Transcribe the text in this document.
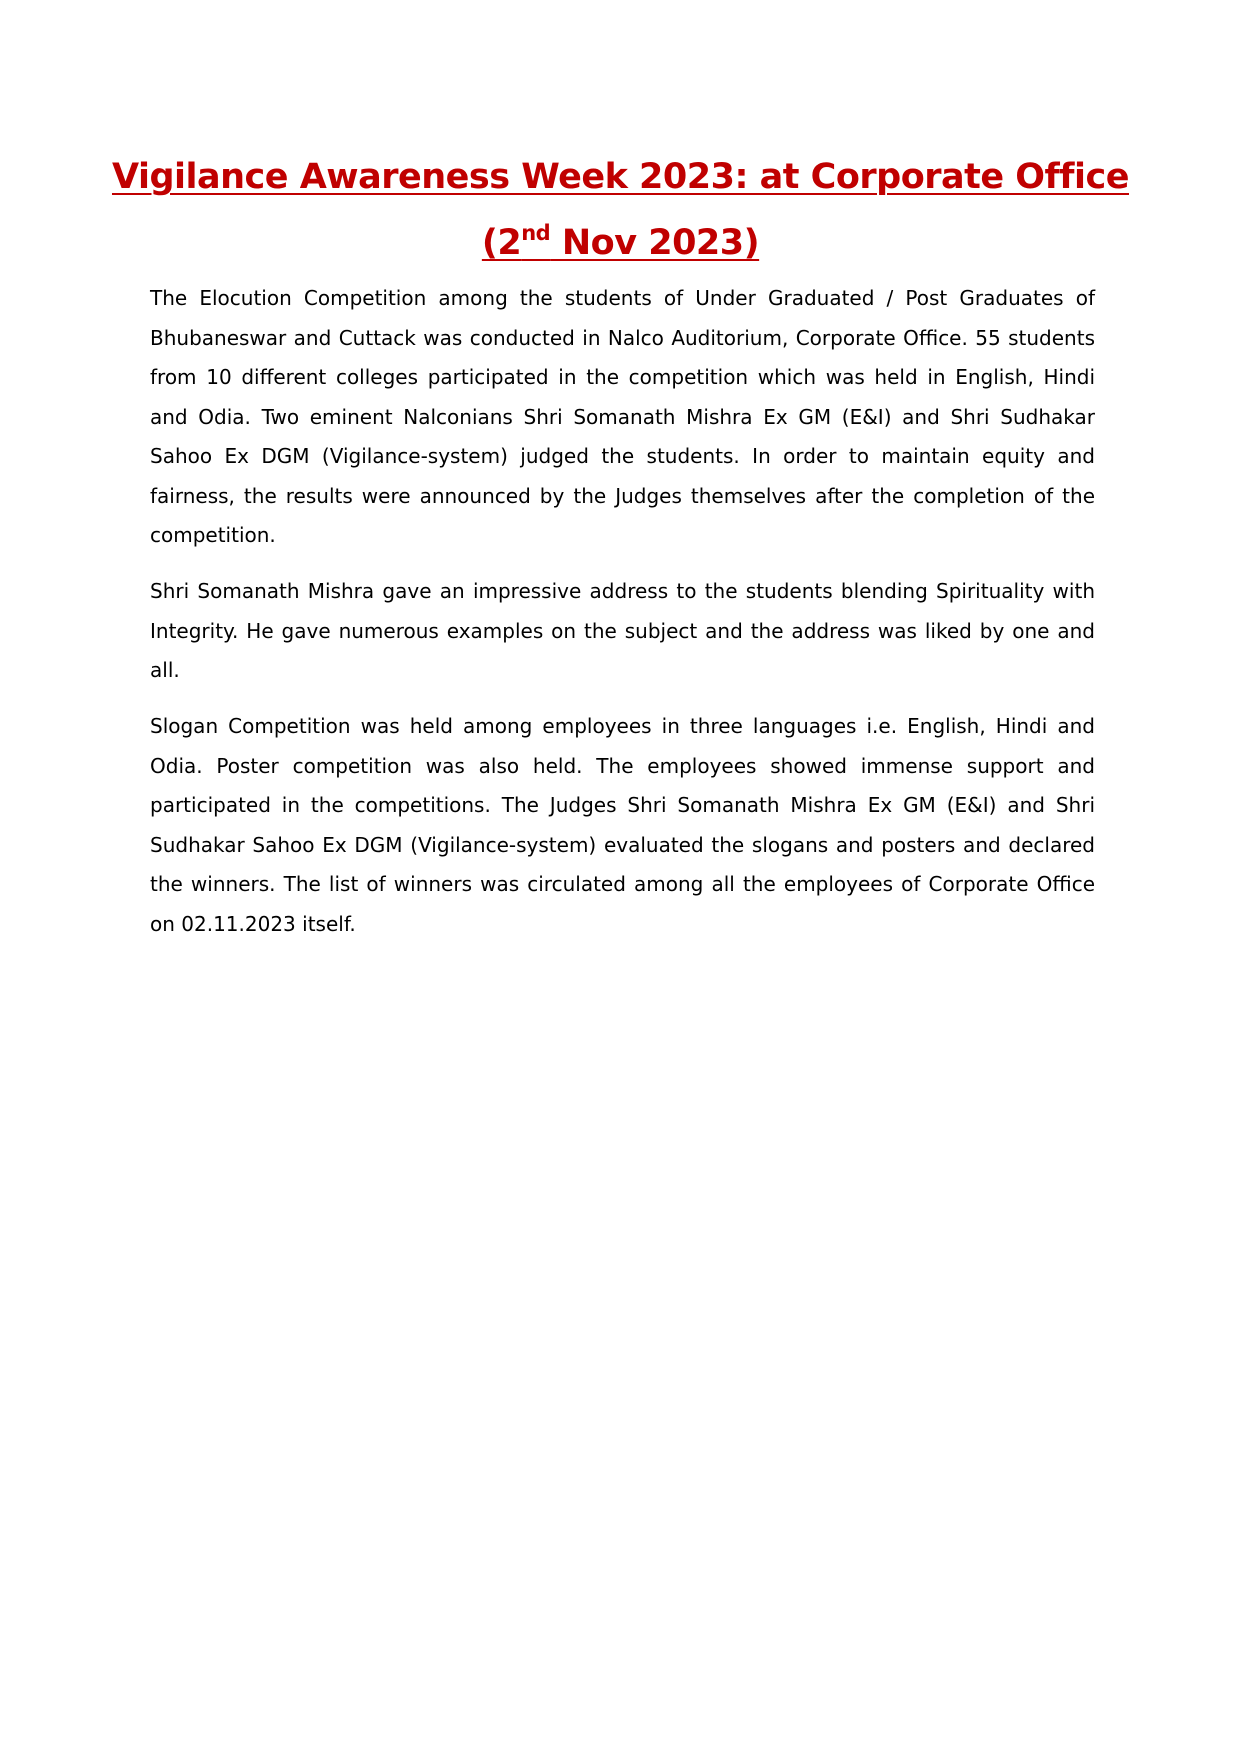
Vigilance Awareness Week 2023: at Corporate Office
(2nd Nov 2023)

The Elocution Competition among the students of Under Graduated / Post Graduates of Bhubaneswar and Cuttack was conducted in Nalco Auditorium, Corporate Office. 55 students from 10 different colleges participated in the competition which was held in English, Hindi and Odia. Two eminent Nalconians Shri Somanath Mishra Ex GM (E&I) and Shri Sudhakar Sahoo Ex DGM (Vigilance-system) judged the students. In order to maintain equity and fairness, the results were announced by the Judges themselves after the completion of the competition.

Shri Somanath Mishra gave an impressive address to the students blending Spirituality with Integrity. He gave numerous examples on the subject and the address was liked by one and all.

Slogan Competition was held among employees in three languages i.e. English, Hindi and Odia. Poster competition was also held. The employees showed immense support and participated in the competitions. The Judges Shri Somanath Mishra Ex GM (E&I) and Shri Sudhakar Sahoo Ex DGM (Vigilance-system) evaluated the slogans and posters and declared the winners. The list of winners was circulated among all the employees of Corporate Office on 02.11.2023 itself.
